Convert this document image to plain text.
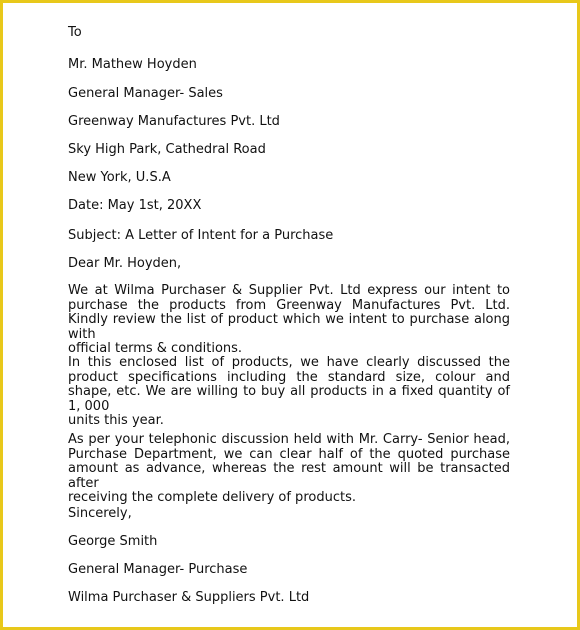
To
Mr. Mathew Hoyden
General Manager- Sales
Greenway Manufactures Pvt. Ltd
Sky High Park, Cathedral Road
New York, U.S.A
Date: May 1st, 20XX
Subject: A Letter of Intent for a Purchase
Dear Mr. Hoyden,
We at Wilma Purchaser & Supplier Pvt. Ltd express our intent to purchase the products from Greenway Manufactures Pvt. Ltd. Kindly review the list of product which we intent to purchase along with
official terms & conditions.
In this enclosed list of products, we have clearly discussed the product specifications including the standard size, colour and shape, etc. We are willing to buy all products in a fixed quantity of 1, 000
units this year.
As per your telephonic discussion held with Mr. Carry- Senior head, Purchase Department, we can clear half of the quoted purchase amount as advance, whereas the rest amount will be transacted after
receiving the complete delivery of products.
Sincerely,
George Smith
General Manager- Purchase
Wilma Purchaser & Suppliers Pvt. Ltd
